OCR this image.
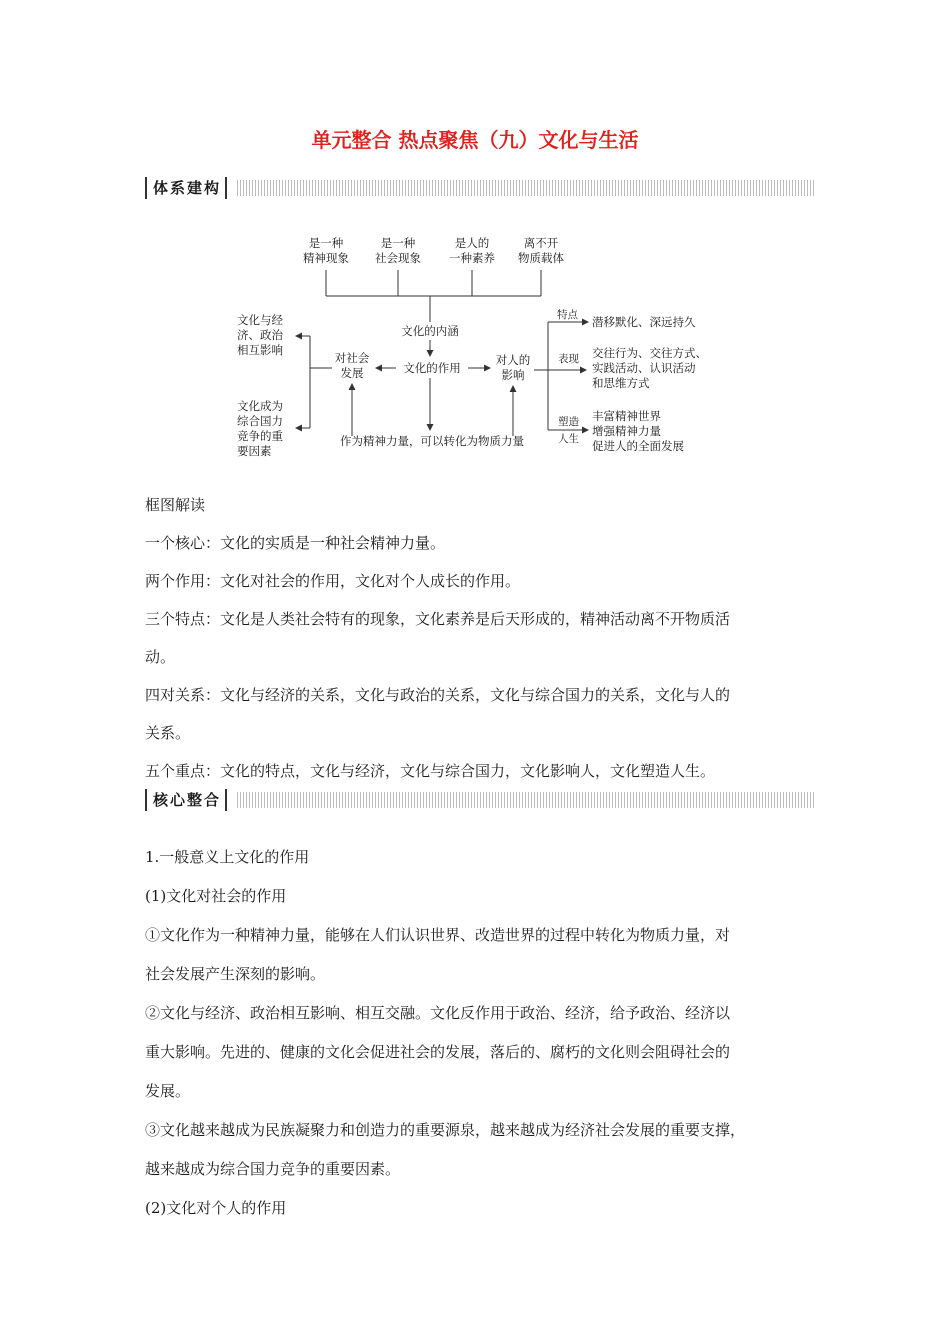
单元整合 热点聚焦（九）文化与生活
体系建构
是一种
精神现象
是一种
社会现象
是人的
一种素养
离不开
物质载体
文化的内涵
文化的作用
对社会
发展
对人的
影响
文化与经
济、政治
相互影响
文化成为
综合国力
竞争的重
要因素
作为精神力量，可以转化为物质力量
特点 潜移默化、深远持久
表现 交往行为、交往方式、
实践活动、认识活动
和思维方式
塑造
人生
丰富精神世界
增强精神力量
促进人的全面发展

框图解读

一个核心：文化的实质是一种社会精神力量。

两个作用：文化对社会的作用，文化对个人成长的作用。

三个特点：文化是人类社会特有的现象，文化素养是后天形成的，精神活动离不开物质活

动。

四对关系：文化与经济的关系，文化与政治的关系，文化与综合国力的关系，文化与人的

关系。

五个重点：文化的特点，文化与经济，文化与综合国力，文化影响人，文化塑造人生。

核心整合

1.一般意义上文化的作用

(1)文化对社会的作用

①文化作为一种精神力量，能够在人们认识世界、改造世界的过程中转化为物质力量，对

社会发展产生深刻的影响。

②文化与经济、政治相互影响、相互交融。文化反作用于政治、经济，给予政治、经济以

重大影响。先进的、健康的文化会促进社会的发展，落后的、腐朽的文化则会阻碍社会的

发展。

③文化越来越成为民族凝聚力和创造力的重要源泉，越来越成为经济社会发展的重要支撑，

越来越成为综合国力竞争的重要因素。

(2)文化对个人的作用
